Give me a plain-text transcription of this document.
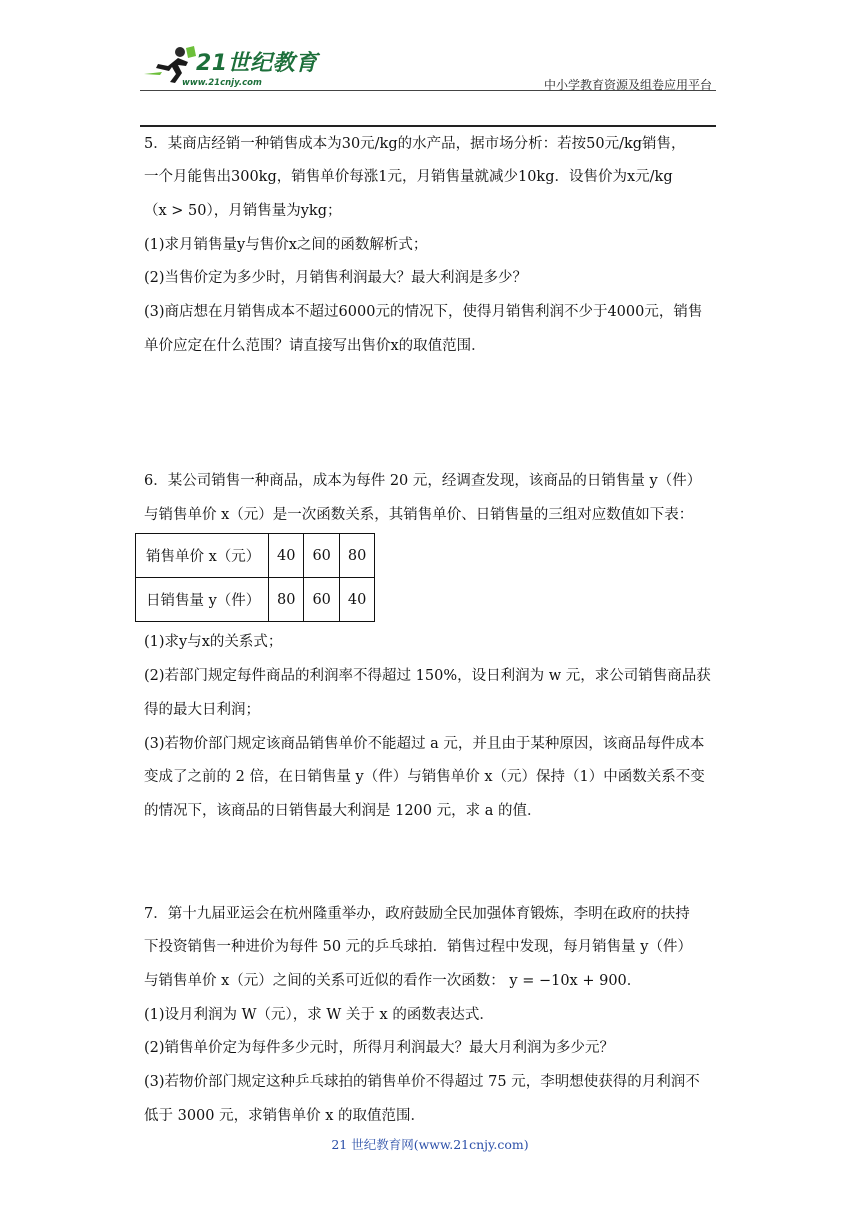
21世纪教育
www.21cnjy.com	中小学教育资源及组卷应用平台
5．某商店经销一种销售成本为30元/kg的水产品，据市场分析：若按50元/kg销售，
一个月能售出300kg，销售单价每涨1元，月销售量就减少10kg．设售价为x元/kg
（x > 50），月销售量为ykg；
(1)求月销售量y与售价x之间的函数解析式；
(2)当售价定为多少时，月销售利润最大？最大利润是多少？
(3)商店想在月销售成本不超过6000元的情况下，使得月销售利润不少于4000元，销售
单价应定在什么范围？请直接写出售价x的取值范围．
6．某公司销售一种商品，成本为每件 20 元，经调查发现，该商品的日销售量 y（件）
与销售单价 x（元）是一次函数关系，其销售单价、日销售量的三组对应数值如下表：
销售单价 x（元）	40	60	80
日销售量 y（件）	80	60	40
(1)求y与x的关系式；
(2)若部门规定每件商品的利润率不得超过 150%，设日利润为 w 元，求公司销售商品获
得的最大日利润；
(3)若物价部门规定该商品销售单价不能超过 a 元，并且由于某种原因，该商品每件成本
变成了之前的 2 倍，在日销售量 y（件）与销售单价 x（元）保持（1）中函数关系不变
的情况下，该商品的日销售最大利润是 1200 元，求 a 的值．
7．第十九届亚运会在杭州隆重举办，政府鼓励全民加强体育锻炼，李明在政府的扶持
下投资销售一种进价为每件 50 元的乒乓球拍．销售过程中发现，每月销售量 y（件）
与销售单价 x（元）之间的关系可近似的看作一次函数： y = −10x + 900．
(1)设月利润为 W（元），求 W 关于 x 的函数表达式．
(2)销售单价定为每件多少元时，所得月利润最大？最大月利润为多少元？
(3)若物价部门规定这种乒乓球拍的销售单价不得超过 75 元，李明想使获得的月利润不
低于 3000 元，求销售单价 x 的取值范围．
21 世纪教育网(www.21cnjy.com)
